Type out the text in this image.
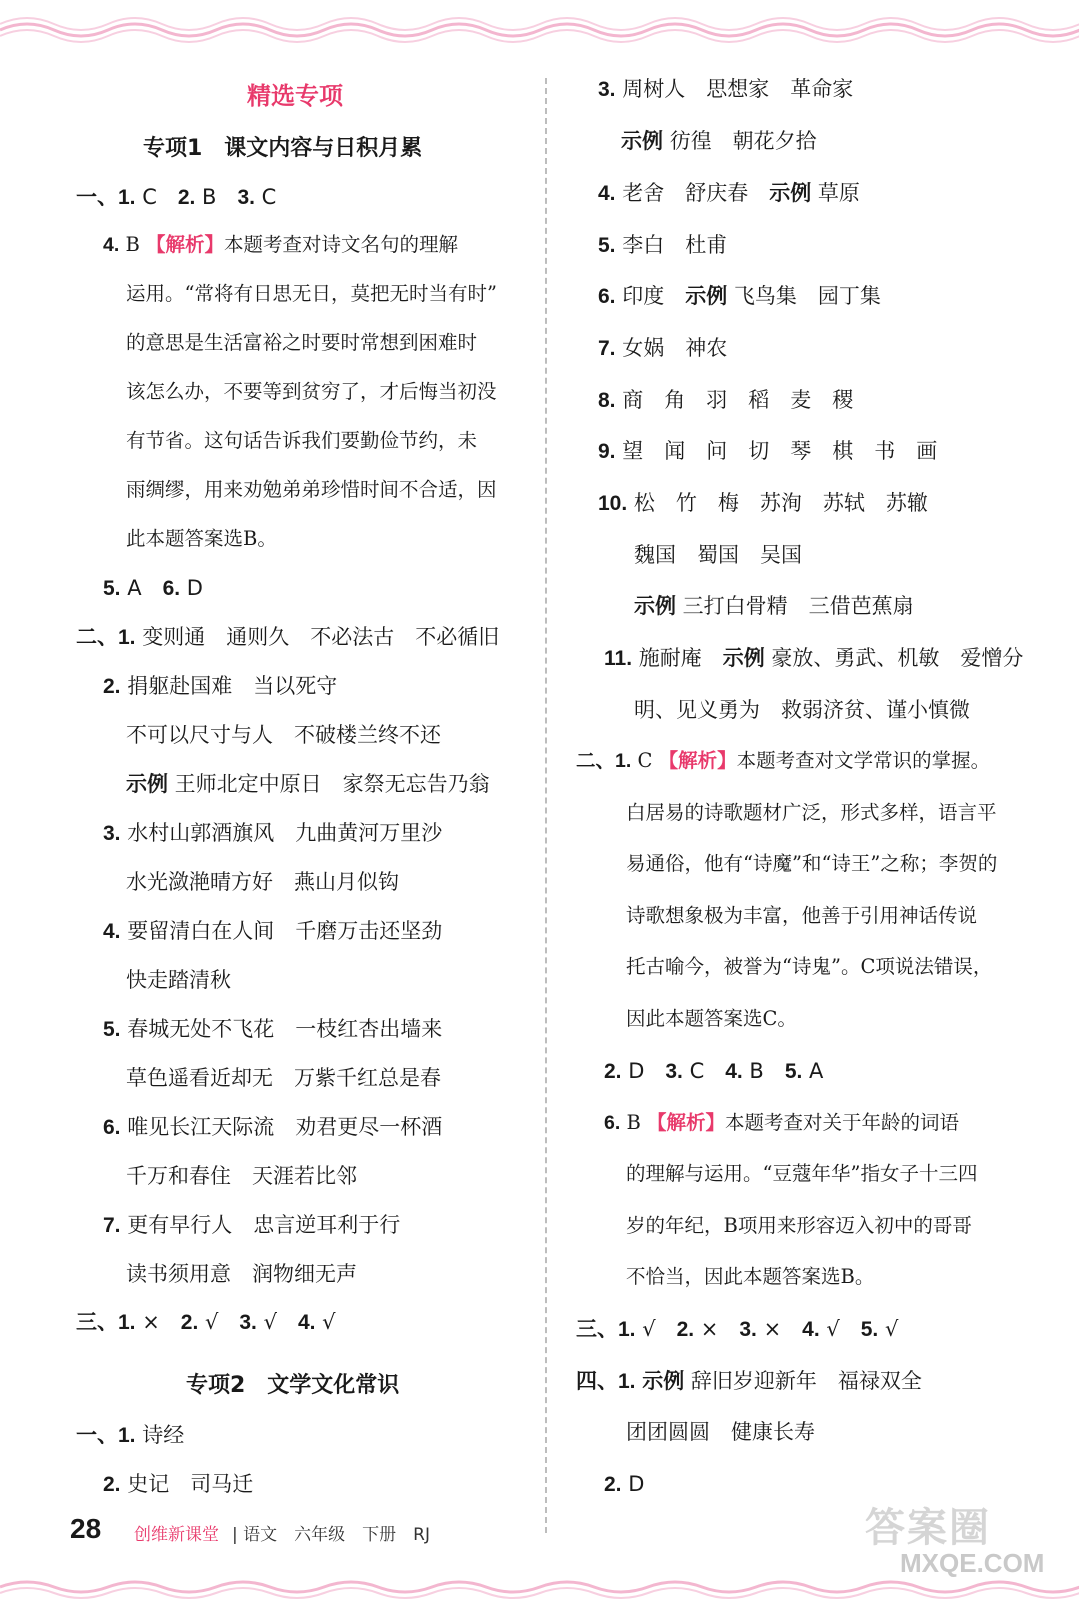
精选专项
专项1　课文内容与日积月累
专项2　文学文化常识
一、1. C　2. B　3. C
4. B 【解析】本题考查对诗文名句的理解
运用。“常将有日思无日，莫把无时当有时”
的意思是生活富裕之时要时常想到困难时
该怎么办，不要等到贫穷了，才后悔当初没
有节省。这句话告诉我们要勤俭节约，未
雨绸缪，用来劝勉弟弟珍惜时间不合适，因
此本题答案选B。
5. A　6. D
二、1. 变则通　通则久　不必法古　不必循旧
2. 捐躯赴国难　当以死守
不可以尺寸与人　不破楼兰终不还
示例 王师北定中原日　家祭无忘告乃翁
3. 水村山郭酒旗风　九曲黄河万里沙
水光潋滟晴方好　燕山月似钩
4. 要留清白在人间　千磨万击还坚劲
快走踏清秋
5. 春城无处不飞花　一枝红杏出墙来
草色遥看近却无　万紫千红总是春
6. 唯见长江天际流　劝君更尽一杯酒
千万和春住　天涯若比邻
7. 更有早行人　忠言逆耳利于行
读书须用意　润物细无声
三、1. ×　2. √　3. √　4. √
一、1. 诗经
2. 史记　司马迁
3. 周树人　思想家　革命家
示例 彷徨　朝花夕拾
4. 老舍　舒庆春　示例 草原
5. 李白　杜甫
6. 印度　示例 飞鸟集　园丁集
7. 女娲　神农
8. 商　角　羽　稻　麦　稷
9. 望　闻　问　切　琴　棋　书　画
10. 松　竹　梅　苏洵　苏轼　苏辙
魏国　蜀国　吴国
示例 三打白骨精　三借芭蕉扇
11. 施耐庵　示例 豪放、勇武、机敏　爱憎分
明、见义勇为　救弱济贫、谨小慎微
二、1. C 【解析】本题考查对文学常识的掌握。
白居易的诗歌题材广泛，形式多样，语言平
易通俗，他有“诗魔”和“诗王”之称；李贺的
诗歌想象极为丰富，他善于引用神话传说
托古喻今，被誉为“诗鬼”。C项说法错误，
因此本题答案选C。
2. D　3. C　4. B　5. A
6. B 【解析】本题考查对关于年龄的词语
的理解与运用。“豆蔻年华”指女子十三四
岁的年纪，B项用来形容迈入初中的哥哥
不恰当，因此本题答案选B。
三、1. √　2. ×　3. ×　4. √　5. √
四、1. 示例 辞旧岁迎新年　福禄双全
团团圆圆　健康长寿
2. D
28 创维新课堂 | 语文　六年级　下册　RJ	答案圈
MXQE.COM
